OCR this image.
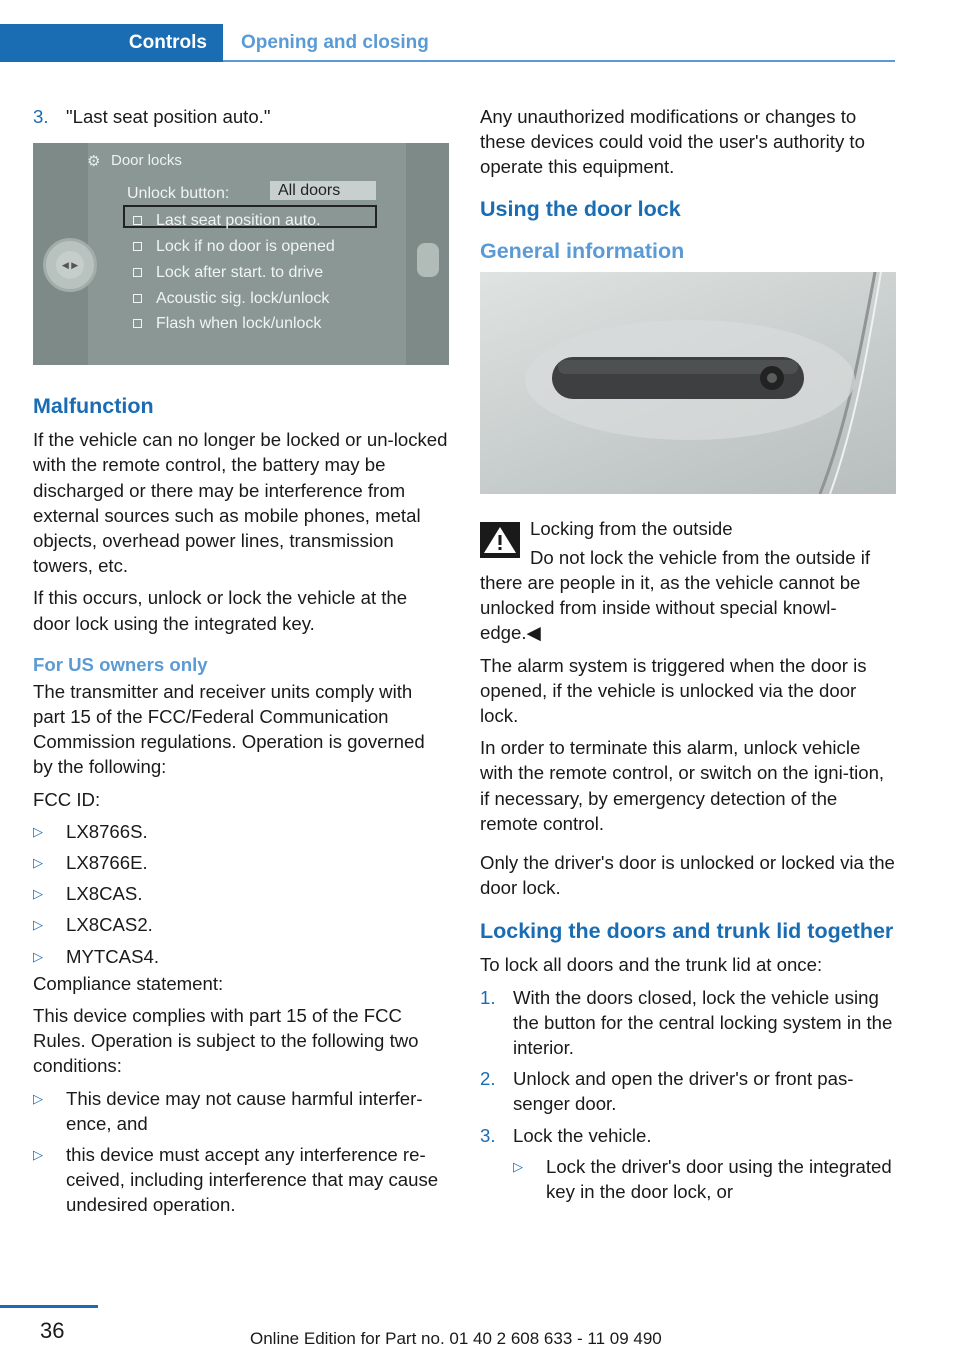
Controls Opening and closing
3. "Last seat position auto."
⚙ Door locks
Unlock button:	All doors
Last seat position auto.
Lock if no door is opened
Lock after start. to drive
Acoustic sig. lock/unlock
Flash when lock/unlock
◀ ▶
Malfunction

If the vehicle can no longer be locked or un‐locked with the remote control, the battery may be discharged or there may be interference from external sources such as mobile phones, metal objects, overhead power lines, transmission towers, etc.

If this occurs, unlock or lock the vehicle at the door lock using the integrated key.

For US owners only

The transmitter and receiver units comply with part 15 of the FCC/Federal Communication Commission regulations. Operation is governed by the following:

FCC ID:

▷	LX8766S.
▷	LX8766E.
▷	LX8CAS.
▷	LX8CAS2.
▷	MYTCAS4.

Compliance statement:

This device complies with part 15 of the FCC Rules. Operation is subject to the following two conditions:

▷	This device may not cause harmful interfer‐ence, and
▷	this device must accept any interference re‐ceived, including interference that may cause undesired operation.

Any unauthorized modifications or changes to these devices could void the user's authority to operate this equipment.

Using the door lock
General information

Locking from the outside

Do not lock the vehicle from the outside if there are people in it, as the vehicle cannot be unlocked from inside without special knowl‐edge.◀

The alarm system is triggered when the door is opened, if the vehicle is unlocked via the door lock.

In order to terminate this alarm, unlock vehicle with the remote control, or switch on the igni‐tion, if necessary, by emergency detection of the remote control.

Only the driver's door is unlocked or locked via the door lock.

Locking the doors and trunk lid together

To lock all doors and the trunk lid at once:

1. With the doors closed, lock the vehicle using the button for the central locking system in the interior.
2. Unlock and open the driver's or front pas‐senger door.
3. Lock the vehicle.
▷	Lock the driver's door using the integrated key in the door lock, or
36	Online Edition for Part no. 01 40 2 608 633 - 11 09 490
